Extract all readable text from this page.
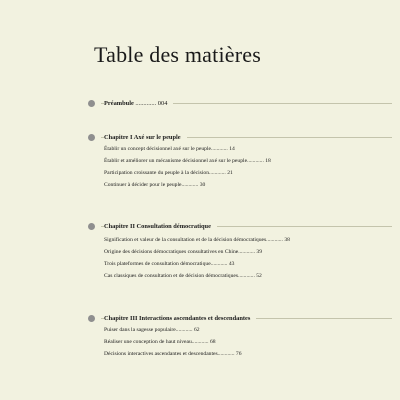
Table des matières
Préambule ............. 004
Chapitre I Axé sur le peuple
Établir un concept décisionnel axé sur le peuple............ 14
Établir et améliorer un mécanisme décisionnel axé sur le peuple............ 18
Participation croissante du peuple à la décision............ 21
Continuer à décider pour le peuple............ 30
Chapitre II Consultation démocratique
Signification et valeur de la consultation et de la décision démocratiques............ 38
Origine des décisions démocratiques consultatives en Chine............ 39
Trois plateformes de consultation démocratique............ 43
Cas classiques de consultation et de décision démocratiques............ 52
Chapitre III Interactions ascendantes et descendantes
Puiser dans la sagesse populaire............ 62
Réaliser une conception de haut niveau............ 68
Décisions interactives ascendantes et descendantes............ 76
